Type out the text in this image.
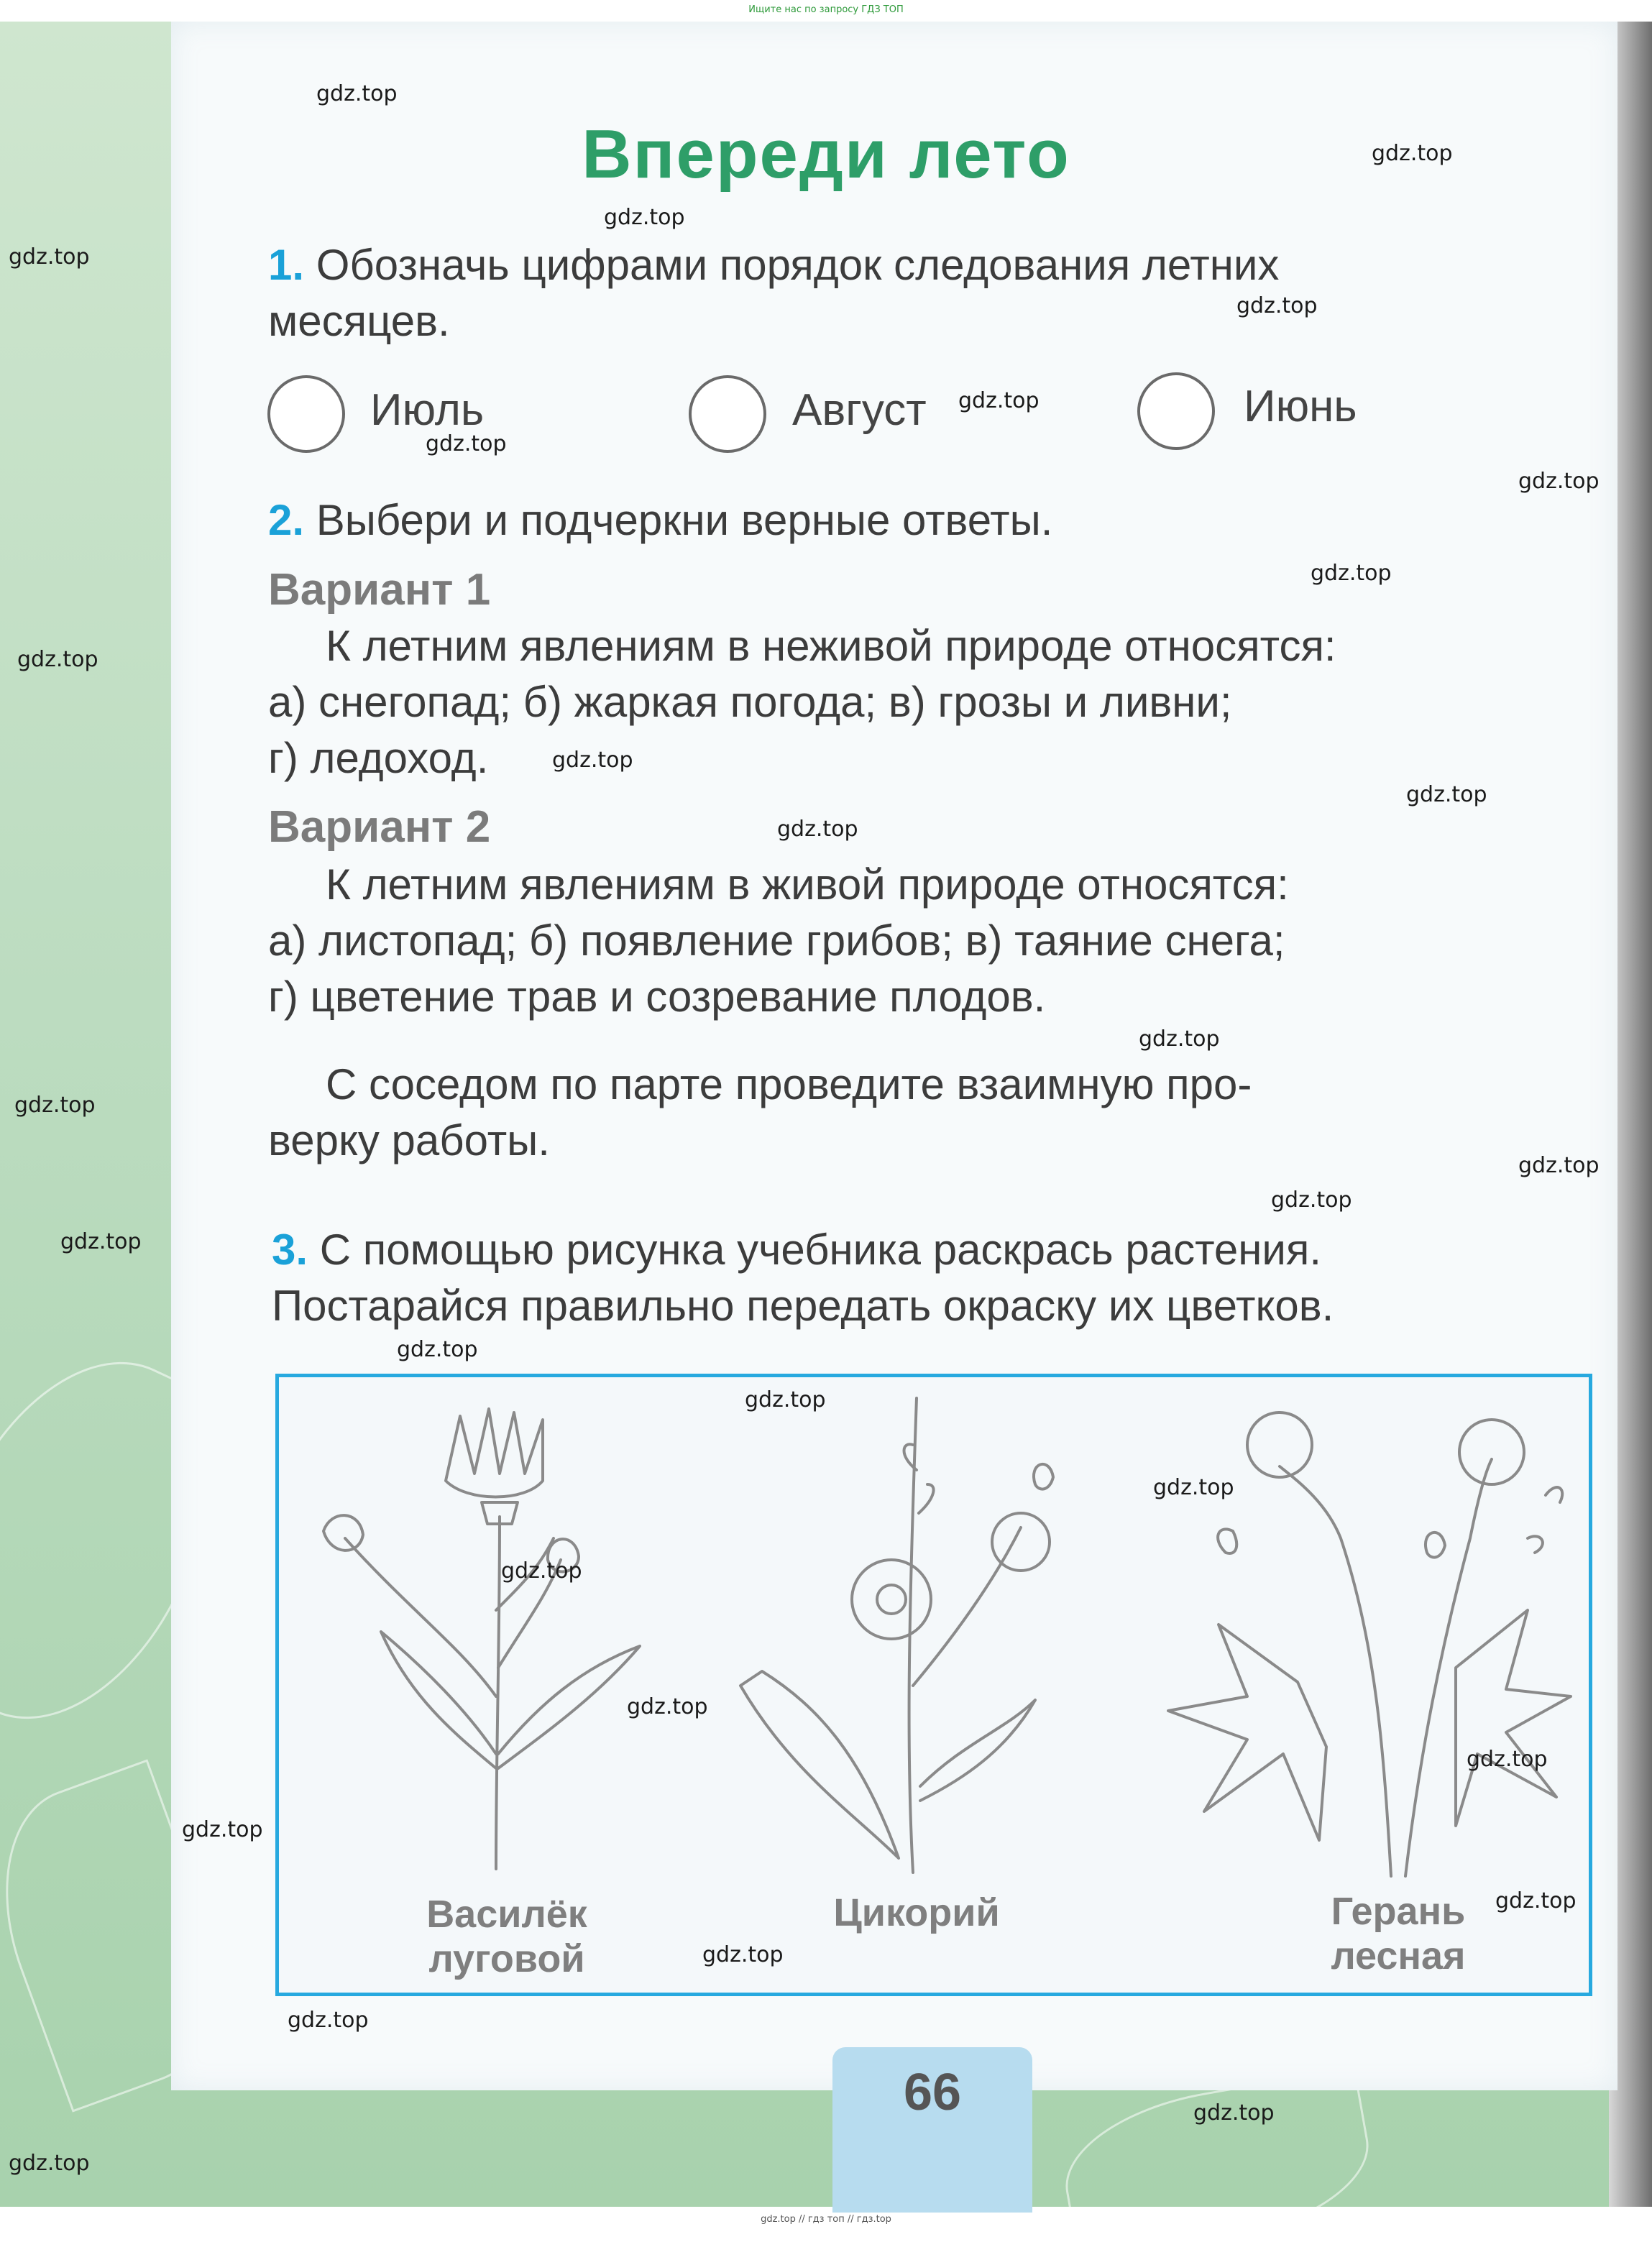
Ищите нас по запросу ГДЗ ТОП
Впереди лето
1. Обозначь цифрами порядок следования летних
месяцев.
Июль	Август	Июнь
2. Выбери и подчеркни верные ответы.
Вариант 1
К летним явлениям в неживой природе относятся:
а) снегопад; б) жаркая погода; в) грозы и ливни;
г) ледоход.
Вариант 2
К летним явлениям в живой природе относятся:
а) листопад; б) появление грибов; в) таяние снега;
г) цветение трав и созревание плодов.
С соседом по парте проведите взаимную про-
верку работы.
3. С помощью рисунка учебника раскрась растения.
Постарайся правильно передать окраску их цветков.
Василёк
луговой
Цикорий	Герань
лесная
66
gdz.top
gdz.top
gdz.top
gdz.top
gdz.top
gdz.top
gdz.top
gdz.top
gdz.top
gdz.top
gdz.top
gdz.top
gdz.top
gdz.top
gdz.top
gdz.top
gdz.top
gdz.top
gdz.top
gdz.top
gdz.top
gdz.top
gdz.top
gdz.top
gdz.top
gdz.top
gdz.top
gdz.top
gdz.top
gdz.top
gdz.top // гдз топ // гдз.top
